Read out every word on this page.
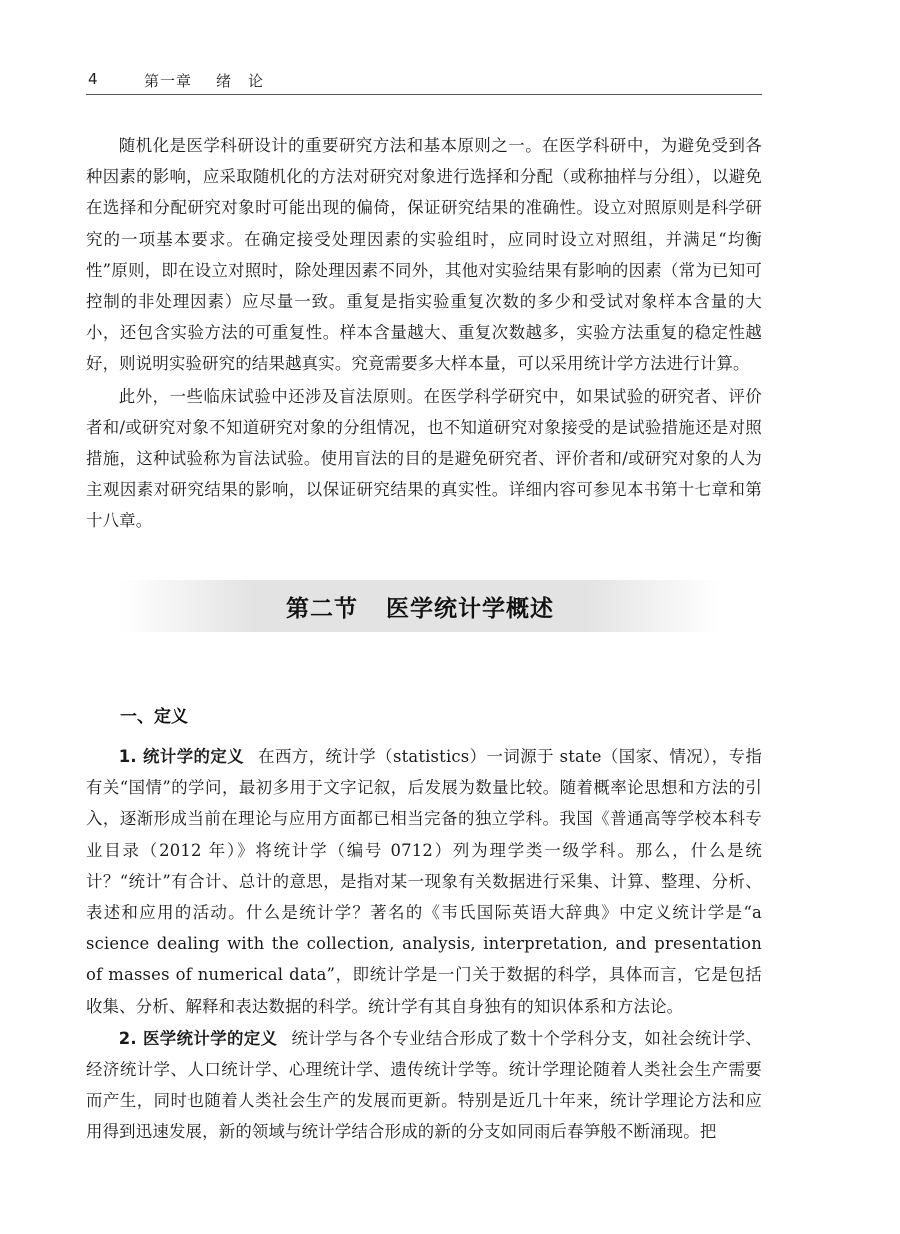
4	第一章 绪　论

随机化是医学科研设计的重要研究方法和基本原则之一。在医学科研中，为避免受到各种因素的影响，应采取随机化的方法对研究对象进行选择和分配（或称抽样与分组），以避免在选择和分配研究对象时可能出现的偏倚，保证研究结果的准确性。设立对照原则是科学研究的一项基本要求。在确定接受处理因素的实验组时，应同时设立对照组，并满足“均衡性”原则，即在设立对照时，除处理因素不同外，其他对实验结果有影响的因素（常为已知可控制的非处理因素）应尽量一致。重复是指实验重复次数的多少和受试对象样本含量的大小，还包含实验方法的可重复性。样本含量越大、重复次数越多，实验方法重复的稳定性越好，则说明实验研究的结果越真实。究竟需要多大样本量，可以采用统计学方法进行计算。

此外，一些临床试验中还涉及盲法原则。在医学科学研究中，如果试验的研究者、评价者和/或研究对象不知道研究对象的分组情况，也不知道研究对象接受的是试验措施还是对照措施，这种试验称为盲法试验。使用盲法的目的是避免研究者、评价者和/或研究对象的人为主观因素对研究结果的影响，以保证研究结果的真实性。详细内容可参见本书第十七章和第十八章。

第二节 医学统计学概述
一、定义

1. 统计学的定义 在西方，统计学（statistics）一词源于 state（国家、情况），专指有关“国情”的学问，最初多用于文字记叙，后发展为数量比较。随着概率论思想和方法的引入，逐渐形成当前在理论与应用方面都已相当完备的独立学科。我国《普通高等学校本科专业目录（2012 年）》将统计学（编号 0712）列为理学类一级学科。那么，什么是统计？“统计”有合计、总计的意思，是指对某一现象有关数据进行采集、计算、整理、分析、表述和应用的活动。什么是统计学？著名的《韦氏国际英语大辞典》中定义统计学是“a science dealing with the collection, analysis, interpretation, and presentation of masses of numerical data”，即统计学是一门关于数据的科学，具体而言，它是包括收集、分析、解释和表达数据的科学。统计学有其自身独有的知识体系和方法论。

2. 医学统计学的定义 统计学与各个专业结合形成了数十个学科分支，如社会统计学、经济统计学、人口统计学、心理统计学、遗传统计学等。统计学理论随着人类社会生产需要而产生，同时也随着人类社会生产的发展而更新。特别是近几十年来，统计学理论方法和应用得到迅速发展，新的领域与统计学结合形成的新的分支如同雨后春笋般不断涌现。把
